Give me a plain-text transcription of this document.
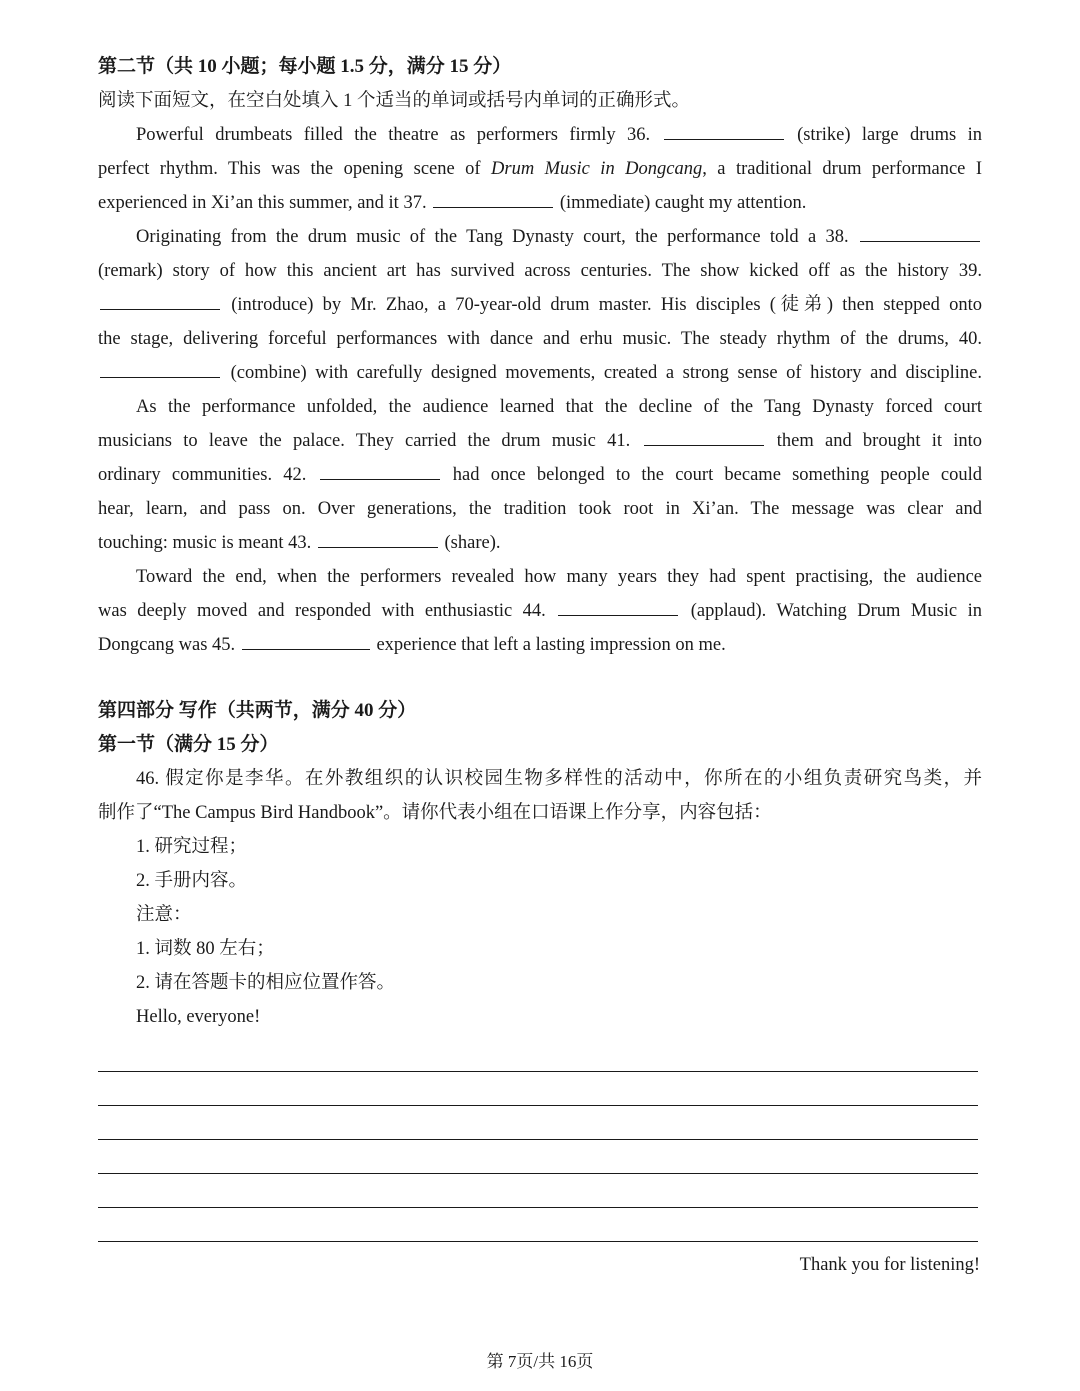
第二节（共 10 小题；每小题 1.5 分，满分 15 分）
阅读下面短文，在空白处填入 1 个适当的单词或括号内单词的正确形式。
Powerful drumbeats filled the theatre as performers firmly 36.	(strike) large drums in
perfect rhythm. This was the opening scene of Drum Music in Dongcang, a traditional drum performance I
experienced in Xi’an this summer, and it 37.	(immediate) caught my attention.
Originating from the drum music of the Tang Dynasty court, the performance told a 38.
(remark) story of how this ancient art has survived across centuries. The show kicked off as the history 39.
(introduce) by Mr. Zhao, a 70-year-old drum master. His disciples (徒弟) then stepped onto
the stage, delivering forceful performances with dance and erhu music. The steady rhythm of the drums, 40.
(combine) with carefully designed movements, created a strong sense of history and discipline.
As the performance unfolded, the audience learned that the decline of the Tang Dynasty forced court
musicians to leave the palace. They carried the drum music 41.	them and brought it into
ordinary communities. 42.	had once belonged to the court became something people could
hear, learn, and pass on. Over generations, the tradition took root in Xi’an. The message was clear and
touching: music is meant 43.	(share).
Toward the end, when the performers revealed how many years they had spent practising, the audience
was deeply moved and responded with enthusiastic 44.	(applaud). Watching Drum Music in
Dongcang was 45.	experience that left a lasting impression on me.
第四部分 写作（共两节，满分 40 分）
第一节（满分 15 分）
46. 假定你是李华。在外教组织的认识校园生物多样性的活动中，你所在的小组负责研究鸟类，并
制作了“The Campus Bird Handbook”。请你代表小组在口语课上作分享，内容包括：
1. 研究过程；
2. 手册内容。
注意：
1. 词数 80 左右；
2. 请在答题卡的相应位置作答。
Hello, everyone!
Thank you for listening!
第 7页/共 16页
